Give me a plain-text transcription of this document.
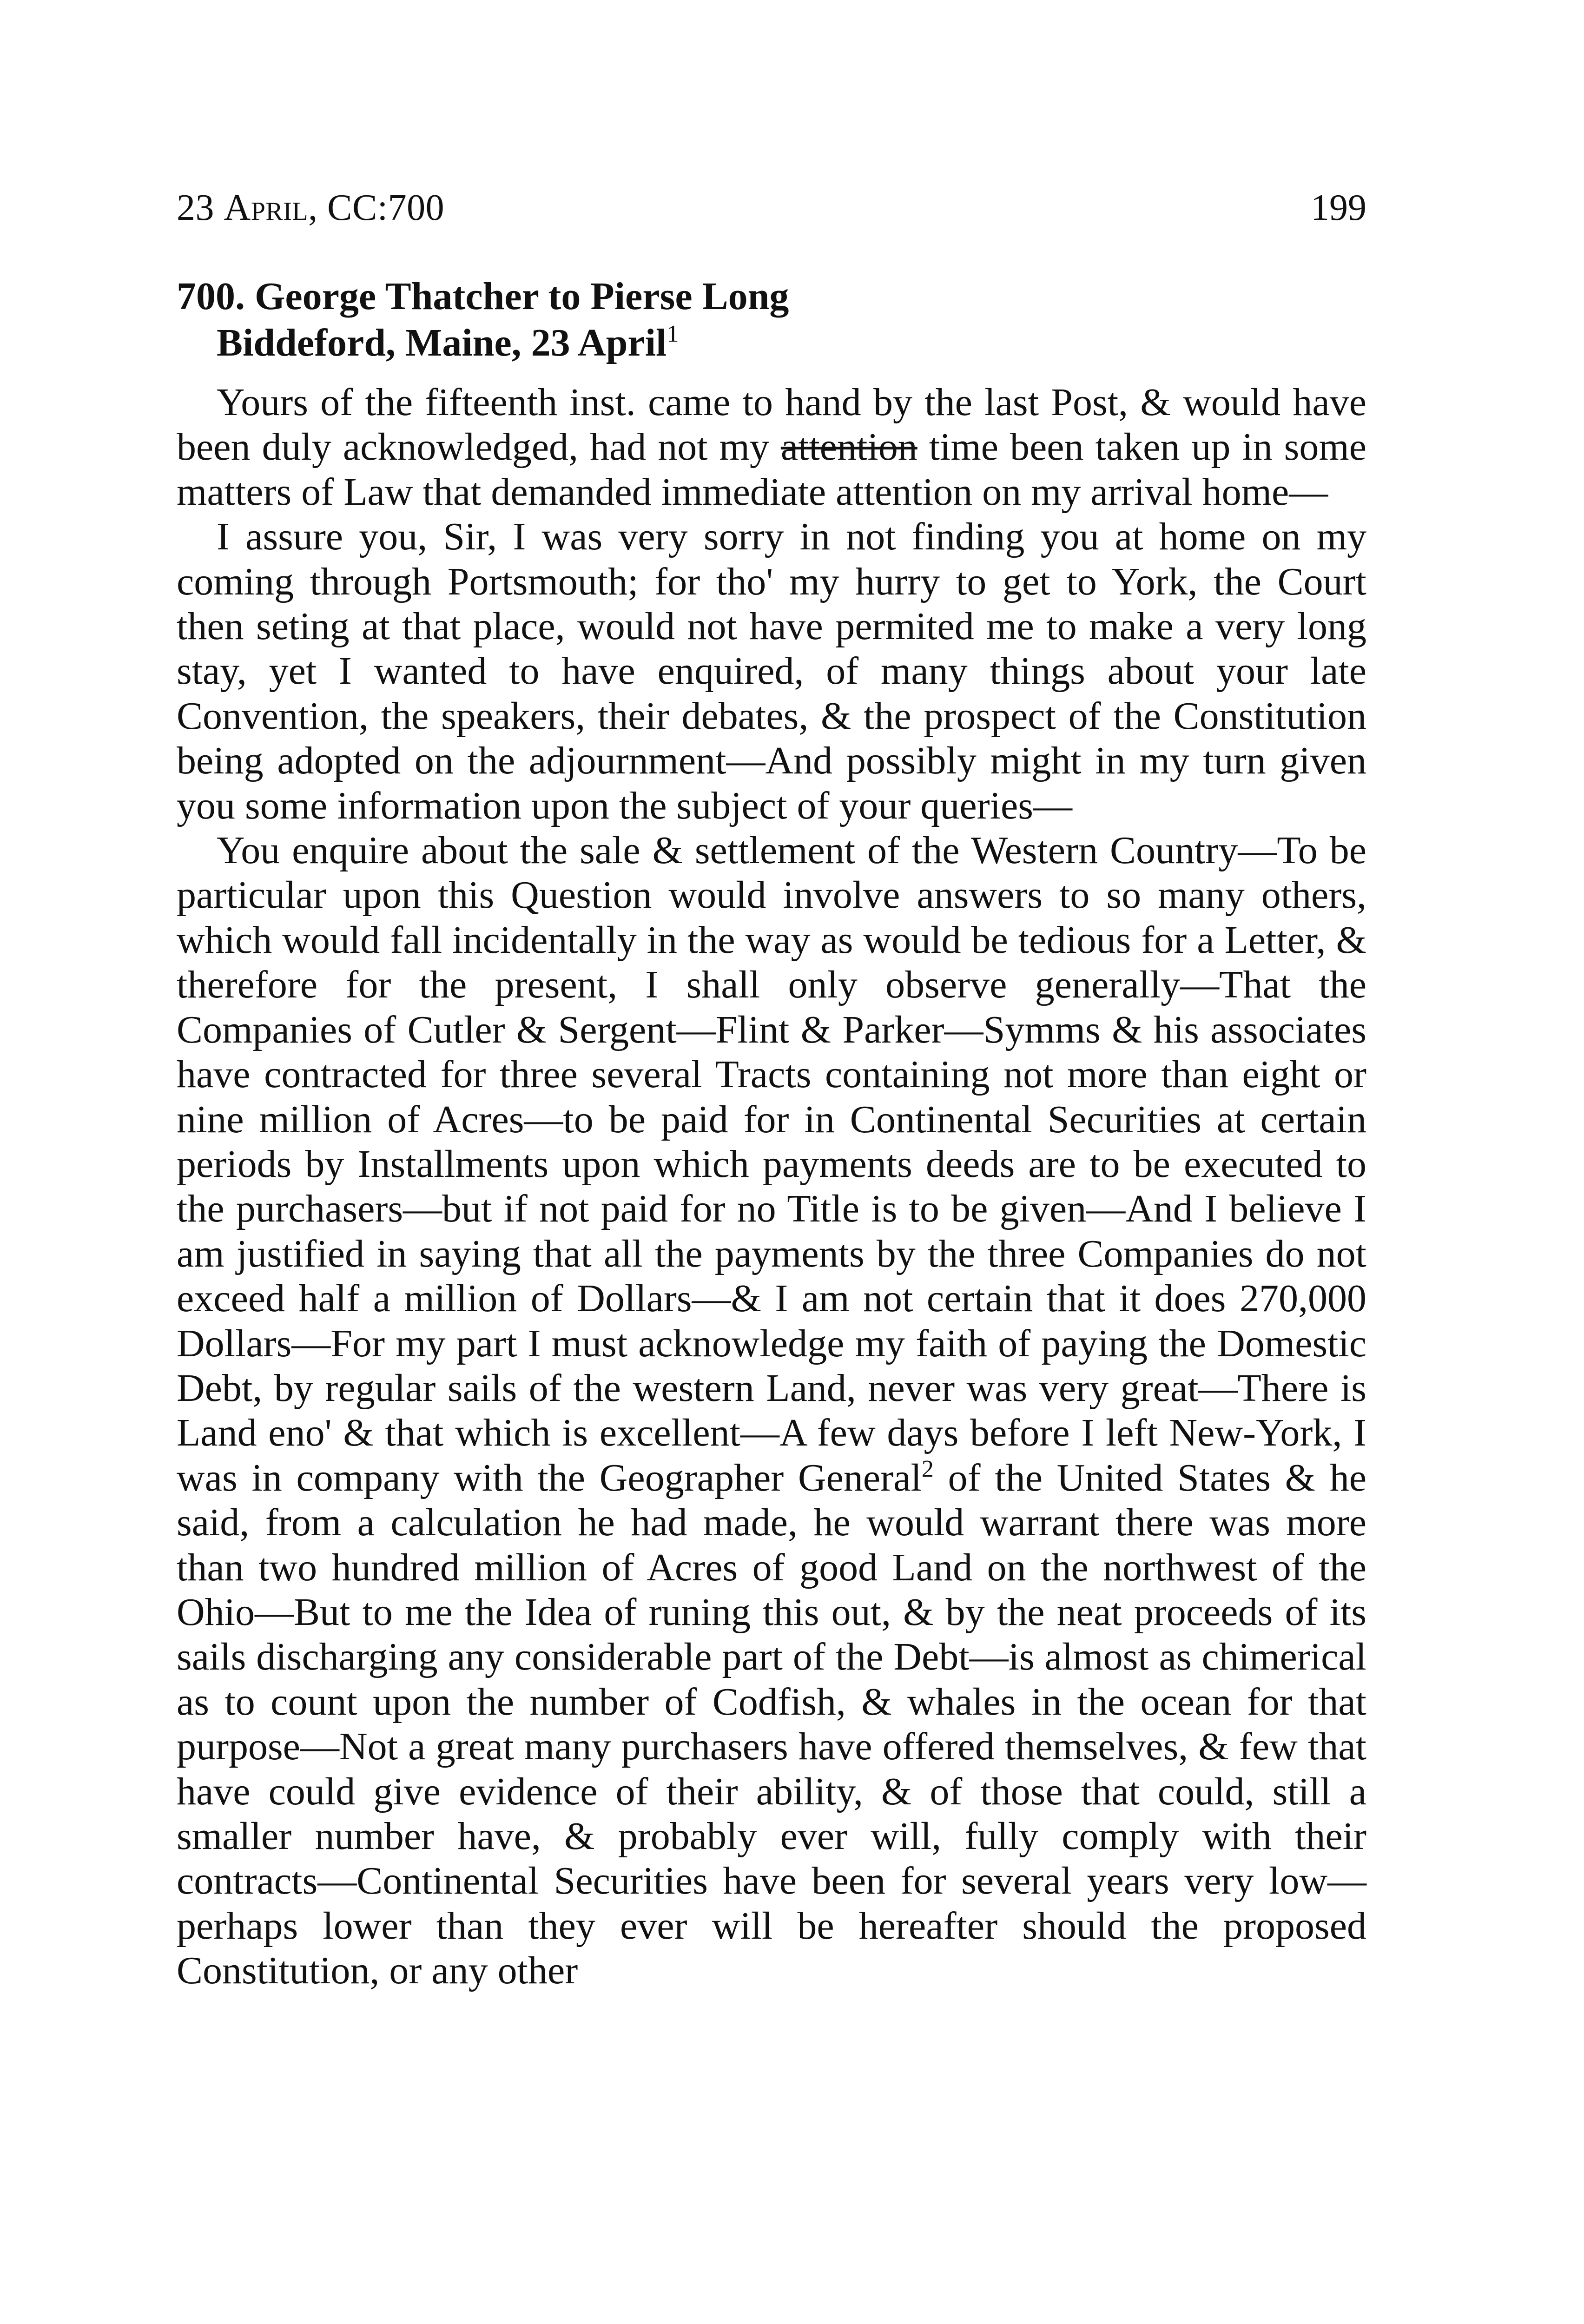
23 April, CC:700	199
700. George Thatcher to Pierse Long
Biddeford, Maine, 23 April$^1$

Yours of the fifteenth inst. came to hand by the last Post, & would have been duly acknowledged, had not my attention time been taken up in some matters of Law that demanded immediate attention on my arrival home—

I assure you, Sir, I was very sorry in not finding you at home on my coming through Portsmouth; for tho' my hurry to get to York, the Court then seting at that place, would not have permited me to make a very long stay, yet I wanted to have enquired, of many things about your late Convention, the speakers, their debates, & the prospect of the Constitution being adopted on the adjournment—And possibly might in my turn given you some information upon the subject of your queries—

You enquire about the sale & settlement of the Western Country—To be particular upon this Question would involve answers to so many others, which would fall incidentally in the way as would be tedious for a Letter, & therefore for the present, I shall only observe generally—That the Companies of Cutler & Sergent—Flint & Parker—Symms & his associates have contracted for three several Tracts containing not more than eight or nine million of Acres—to be paid for in Continental Securities at certain periods by Installments upon which payments deeds are to be executed to the purchasers—but if not paid for no Title is to be given—And I believe I am justified in saying that all the payments by the three Companies do not exceed half a million of Dollars—& I am not certain that it does 270,000 Dollars—For my part I must acknowledge my faith of paying the Domestic Debt, by regular sails of the western Land, never was very great—There is Land eno' & that which is excellent—A few days before I left New-York, I was in company with the Geographer General$^2$ of the United States & he said, from a calculation he had made, he would warrant there was more than two hundred million of Acres of good Land on the northwest of the Ohio—But to me the Idea of runing this out, & by the neat proceeds of its sails discharging any considerable part of the Debt—is almost as chimerical as to count upon the number of Codfish, & whales in the ocean for that purpose—Not a great many purchasers have offered themselves, & few that have could give evidence of their ability, & of those that could, still a smaller number have, & probably ever will, fully comply with their contracts—Continental Securities have been for several years very low—perhaps lower than they ever will be hereafter should the proposed Constitution, or any other
